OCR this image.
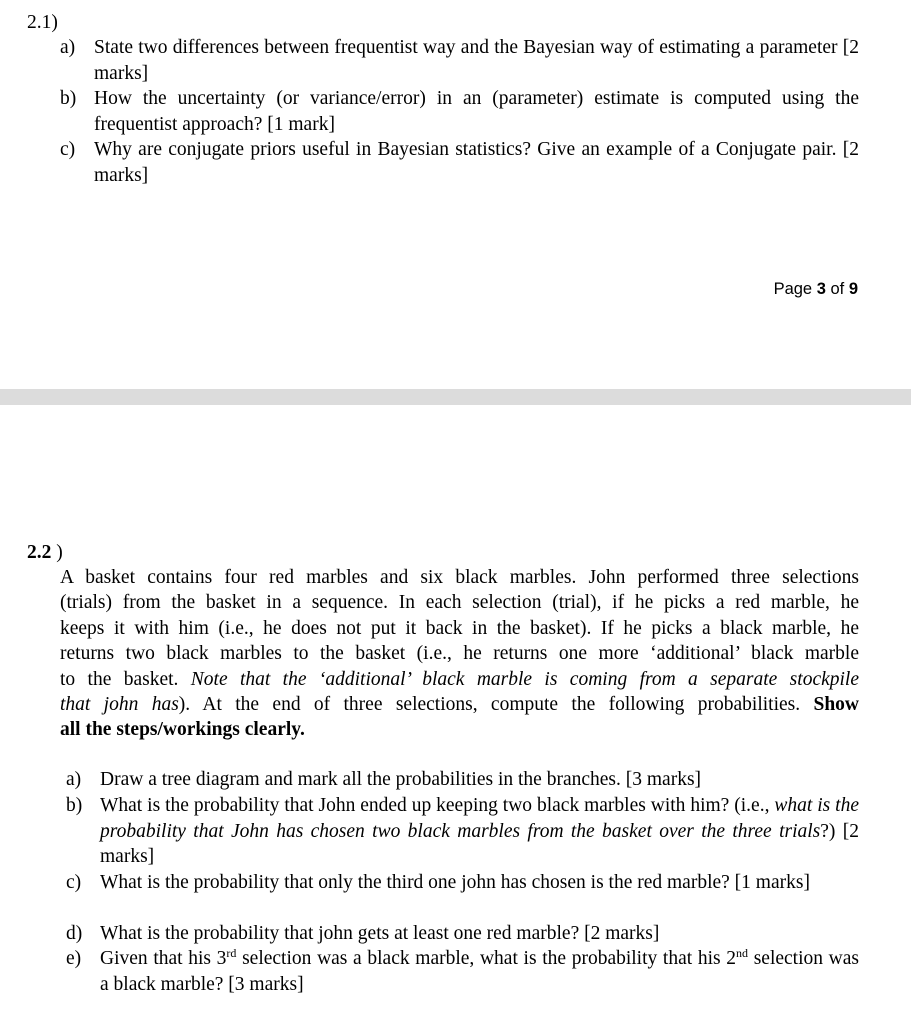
2.1)
a) State two differences between frequentist way and the Bayesian way of estimating a parameter [2 marks]
b) How the uncertainty (or variance/error) in an (parameter) estimate is computed using the frequentist approach? [1 mark]
c) Why are conjugate priors useful in Bayesian statistics? Give an example of a Conjugate pair. [2 marks]
Page 3 of 9
2.2 )
A basket contains four red marbles and six black marbles. John performed three selections
(trials) from the basket in a sequence. In each selection (trial), if he picks a red marble, he
keeps it with him (i.e., he does not put it back in the basket). If he picks a black marble, he
returns two black marbles to the basket (i.e., he returns one more ‘additional’ black marble
to the basket. Note that the ‘additional’ black marble is coming from a separate stockpile
that john has). At the end of three selections, compute the following probabilities. Show
all the steps/workings clearly.
a) Draw a tree diagram and mark all the probabilities in the branches. [3 marks]
b) What is the probability that John ended up keeping two black marbles with him? (i.e., what is the probability that John has chosen two black marbles from the basket over the three trials?) [2 marks]
c) What is the probability that only the third one john has chosen is the red marble? [1 marks]
d) What is the probability that john gets at least one red marble? [2 marks]
e) Given that his 3rd selection was a black marble, what is the probability that his 2nd selection was a black marble? [3 marks]
